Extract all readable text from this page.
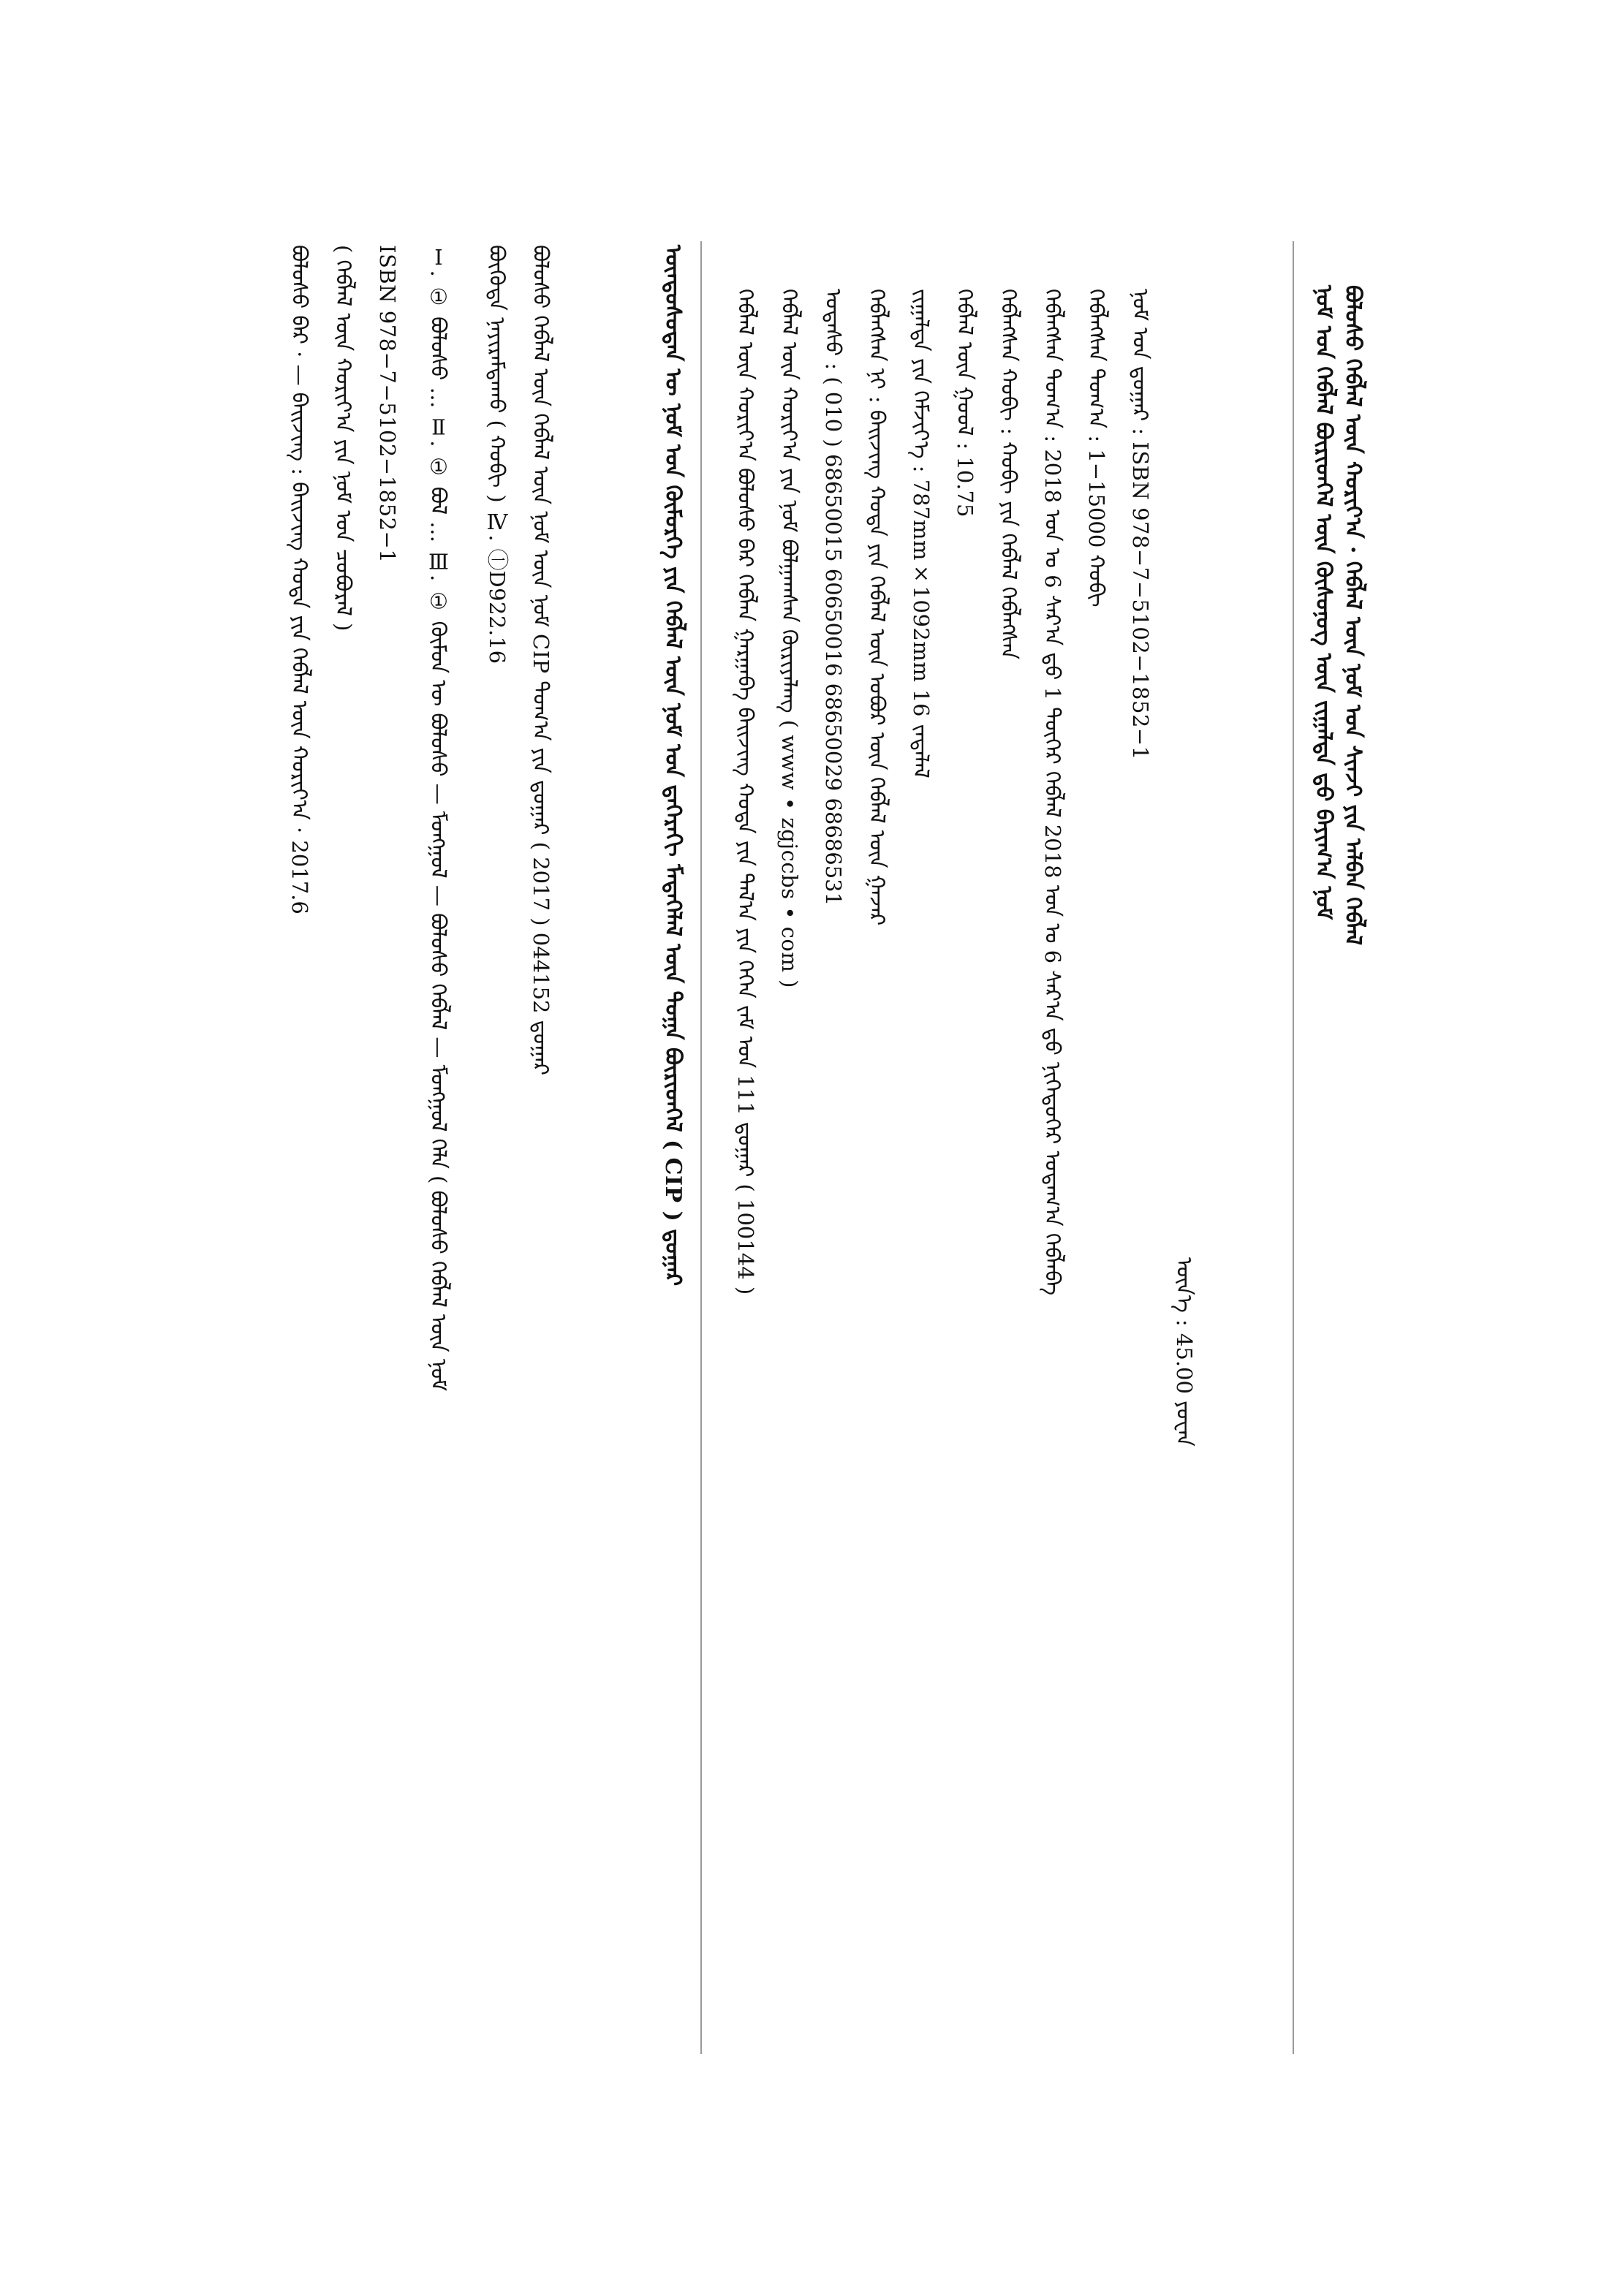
ᠪᠣᠯᠣᠰᠦ ᠬᠡᠪᠯᠡᠯ ᠦᠨ ᠬᠣᠷᠢᠶ᠎ᠠ · ᠬᠡᠪᠯᠡᠯ ᠦᠨ ᠨᠣᠮ ᠤᠨ ᠰᠢᠨᠵᠢ ᠶᠢᠨ ᠠᠯᠪᠠᠨ ᠬᠡᠪᠯᠡᠯ
ᠨᠣᠮ ᠤᠨ ᠬᠡᠪᠯᠡᠯ ᠪᠦᠷᠢᠳᠬᠡᠯ ᠦᠨ ᠬᠦᠰᠦᠨᠦᠭ ᠦᠨ ᠵᠢᠭᠠᠯᠲᠠ ᠳ᠋ᠤ ᠪᠠᠶᠢᠭ᠎ᠠ ᠨᠣᠮ
ᠬᠡᠪᠯᠡᠯ ᠦᠨ ᠬᠣᠷᠢᠶ᠎ᠠ ᠪᠣᠯᠣᠰᠦ ᠪᠠᠷ ᠬᠡᠪᠯᠡᠨ ᠭᠠᠷᠭᠠᠪᠠ ᠪᠡᠢᠵᠢᠩ ᠬᠣᠲᠠ ᠶᠢᠨ ᠲᠠᠯ᠎ᠠ ᠶᠢᠨ ᠭᠡᠭᠡᠨ ᠵᠠᠮ ᠤᠨ 111 ᠳ᠋ᠤᠭᠠᠷ ( 100144 ) ᠬᠡᠪᠯᠡᠯ ᠦᠨ ᠬᠣᠷᠢᠶ᠎ᠠ ᠶᠢᠨ ᠨᠣᠮ ᠪᠣᠯᠭᠠᠭᠰᠠᠨ ᠬᠦᠷᠢᠶᠡᠯᠡᠩ ( www • zgjccbs • com ) ᠤᠲᠠᠰᠤ : ( 010 ) 68650015 60650016 68650029 68686531 ᠬᠡᠪᠯᠡᠭᠰᠡᠨ ᠨᠢ : ᠪᠡᠢᠵᠢᠩ ᠬᠣᠲᠠ ᠶᠢᠨ ᠬᠡᠪᠯᠡᠯ ᠦᠨ ᠣᠪᠣᠷ ᠦᠨ ᠬᠡᠪᠯᠡᠯ ᠦᠨ ᠭᠠᠵᠠᠷ ᠵᠢᠭᠠᠯᠲᠠ ᠶᠢᠨ ᠬᠡᠮᠵᠢᠶ᠎ᠡ : 787mm×1092mm 16 ᠵᠠᠳᠠᠯᠠᠯ ᠬᠡᠪᠯᠡᠯ ᠦᠨ ᠭᠣᠣᠯ : 10.75 ᠬᠡᠪᠯᠡᠭᠰᠡᠨ ᠬᠤᠪᠢ : ᠬᠤᠪᠢ ᠶᠢᠨ ᠬᠡᠪᠯᠡᠯ ᠬᠡᠪᠯᠡᠭᠰᠡᠨ ᠬᠡᠪᠯᠡᠭᠰᠡᠨ ᠲᠣᠭ᠎ᠠ : 2018 ᠣᠨ ᠤ 6 ᠰᠠᠷ᠎ᠠ ᠳ᠋ᠤ 1 ᠳᠦᠭᠡᠷ ᠬᠡᠪᠯᠡᠯ 2018 ᠣᠨ ᠤ 6 ᠰᠠᠷ᠎ᠠ ᠳ᠋ᠤ ᠨᠢᠭᠡᠳᠦᠭᠡᠷ ᠤᠳᠠᠭ᠎ᠠ ᠬᠡᠪᠯᠡᠪᠡ ᠬᠡᠪᠯᠡᠭᠰᠡᠨ ᠲᠣᠭ᠎ᠠ : 1−15000 ᠬᠤᠪᠢ ᠨᠣᠮ ᠤᠨ ᠳ᠋ᠤᠭᠠᠷ : ISBN 978−7−5102−1852−1
ᠦᠨ᠎ᠡ : 45.00 ᠶᠤᠸᠠᠨ
ᠦᠨᠳᠦᠰᠦᠲᠡᠨ ᠦ ᠨᠣᠮ ᠤᠨ ᠬᠦᠮᠦᠷᠭᠡ ᠶᠢᠨ ᠬᠡᠪᠯᠡᠯ ᠦᠨ ᠨᠣᠮ ᠤᠨ ᠳ᠋ᠡᠭᠡᠷᠡᠬᠢ ᠮᠡᠳᠡᠭᠡᠯᠡᠯ ᠦᠨ ᠲᠣᠭᠠ ᠪᠦᠷᠢᠳᠬᠡᠯ ( CIP ) ᠳ᠋ᠤᠭᠠᠷ
ᠪᠣᠯᠣᠰᠦ ᠪᠠᠷ · — ᠪᠡᠢᠵᠢᠩ : ᠪᠡᠢᠵᠢᠩ ᠬᠣᠲᠠ ᠶᠢᠨ ᠬᠡᠪᠯᠡᠯ ᠦᠨ ᠬᠣᠷᠢᠶ᠎ᠠ · 2017.6 ( ᠬᠡᠪᠯᠡᠯ ᠦᠨ ᠬᠣᠷᠢᠶ᠎ᠠ ᠶᠢᠨ ᠨᠣᠮ ᠤᠨ ᠴᠤᠪᠤᠷᠠᠯ ) ISBN 978−7−5102−1852−1 Ⅰ. ① ᠪᠣᠯᠣᠰᠦ … Ⅱ. ① ᠪᠣᠯ … Ⅲ. ① ᠬᠦᠮᠦᠨ ᠦ ᠪᠣᠯᠣᠰᠦ — ᠮᠣᠩᠭᠣᠯ — ᠪᠣᠯᠣᠰᠦ ᠬᠡᠪᠯᠡᠯ — ᠮᠣᠩᠭᠣᠯ ᠬᠡᠯᠡ ( ᠪᠣᠯᠣᠰᠦ ᠬᠡᠪᠯᠡᠯ ᠦᠨ ᠨᠣᠮ ᠪᠦᠭᠦᠳᠡ ᠨᠠᠶᠢᠷᠠᠮᠳᠠᠬᠤ ( ᠬᠤᠪᠢ ) Ⅳ. ㊀D922.16 ᠪᠣᠯᠣᠰᠦ ᠬᠡᠪᠯᠡᠯ ᠦᠨ ᠬᠡᠪᠯᠡᠯ ᠦᠨ ᠨᠣᠮ ᠦᠨ ᠨᠣᠮ CIP ᠲᠣᠭ᠎ᠠ ᠶᠢᠨ ᠳ᠋ᠤᠭᠠᠷ ( 2017 ) 044152 ᠳ᠋ᠤᠭᠠᠷ
